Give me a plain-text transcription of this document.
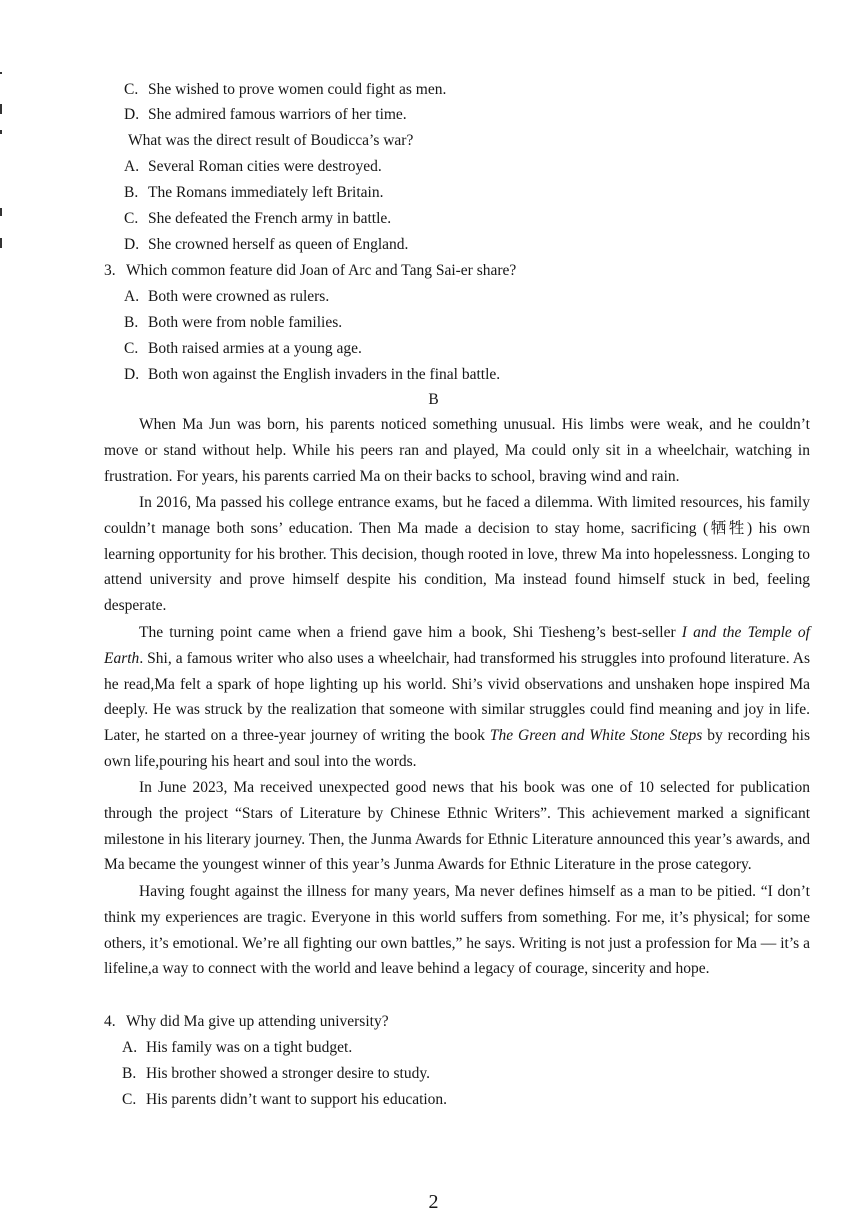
C. She wished to prove women could fight as men.
D. She admired famous warriors of her time.
What was the direct result of Boudicca’s war?
A. Several Roman cities were destroyed.
B. The Romans immediately left Britain.
C. She defeated the French army in battle.
D. She crowned herself as queen of England.
3. Which common feature did Joan of Arc and Tang Sai-er share?
A. Both were crowned as rulers.
B. Both were from noble families.
C. Both raised armies at a young age.
D. Both won against the English invaders in the final battle.
B
When Ma Jun was born, his parents noticed something unusual. His limbs were weak, and he couldn’t move or stand without help. While his peers ran and played, Ma could only sit in a wheelchair, watching in frustration. For years, his parents carried Ma on their backs to school, braving wind and rain.
In 2016, Ma passed his college entrance exams, but he faced a dilemma. With limited resources, his family couldn’t manage both sons’ education. Then Ma made a decision to stay home, sacrificing (牺牲) his own learning opportunity for his brother. This decision, though rooted in love, threw Ma into hopelessness. Longing to attend university and prove himself despite his condition, Ma instead found himself stuck in bed, feeling desperate.
The turning point came when a friend gave him a book, Shi Tiesheng’s best-seller I and the Temple of Earth. Shi, a famous writer who also uses a wheelchair, had transformed his struggles into profound literature. As he read,Ma felt a spark of hope lighting up his world. Shi’s vivid observations and unshaken hope inspired Ma deeply. He was struck by the realization that someone with similar struggles could find meaning and joy in life. Later, he started on a three-year journey of writing the book The Green and White Stone Steps by recording his own life,pouring his heart and soul into the words.
In June 2023, Ma received unexpected good news that his book was one of 10 selected for publication through the project “Stars of Literature by Chinese Ethnic Writers”. This achievement marked a significant milestone in his literary journey. Then, the Junma Awards for Ethnic Literature announced this year’s awards, and Ma became the youngest winner of this year’s Junma Awards for Ethnic Literature in the prose category.
Having fought against the illness for many years, Ma never defines himself as a man to be pitied. “I don’t think my experiences are tragic. Everyone in this world suffers from something. For me, it’s physical; for some others, it’s emotional. We’re all fighting our own battles,” he says. Writing is not just a profession for Ma — it’s a lifeline,a way to connect with the world and leave behind a legacy of courage, sincerity and hope.
4. Why did Ma give up attending university?
A. His family was on a tight budget.
B. His brother showed a stronger desire to study.
C. His parents didn’t want to support his education.
2
